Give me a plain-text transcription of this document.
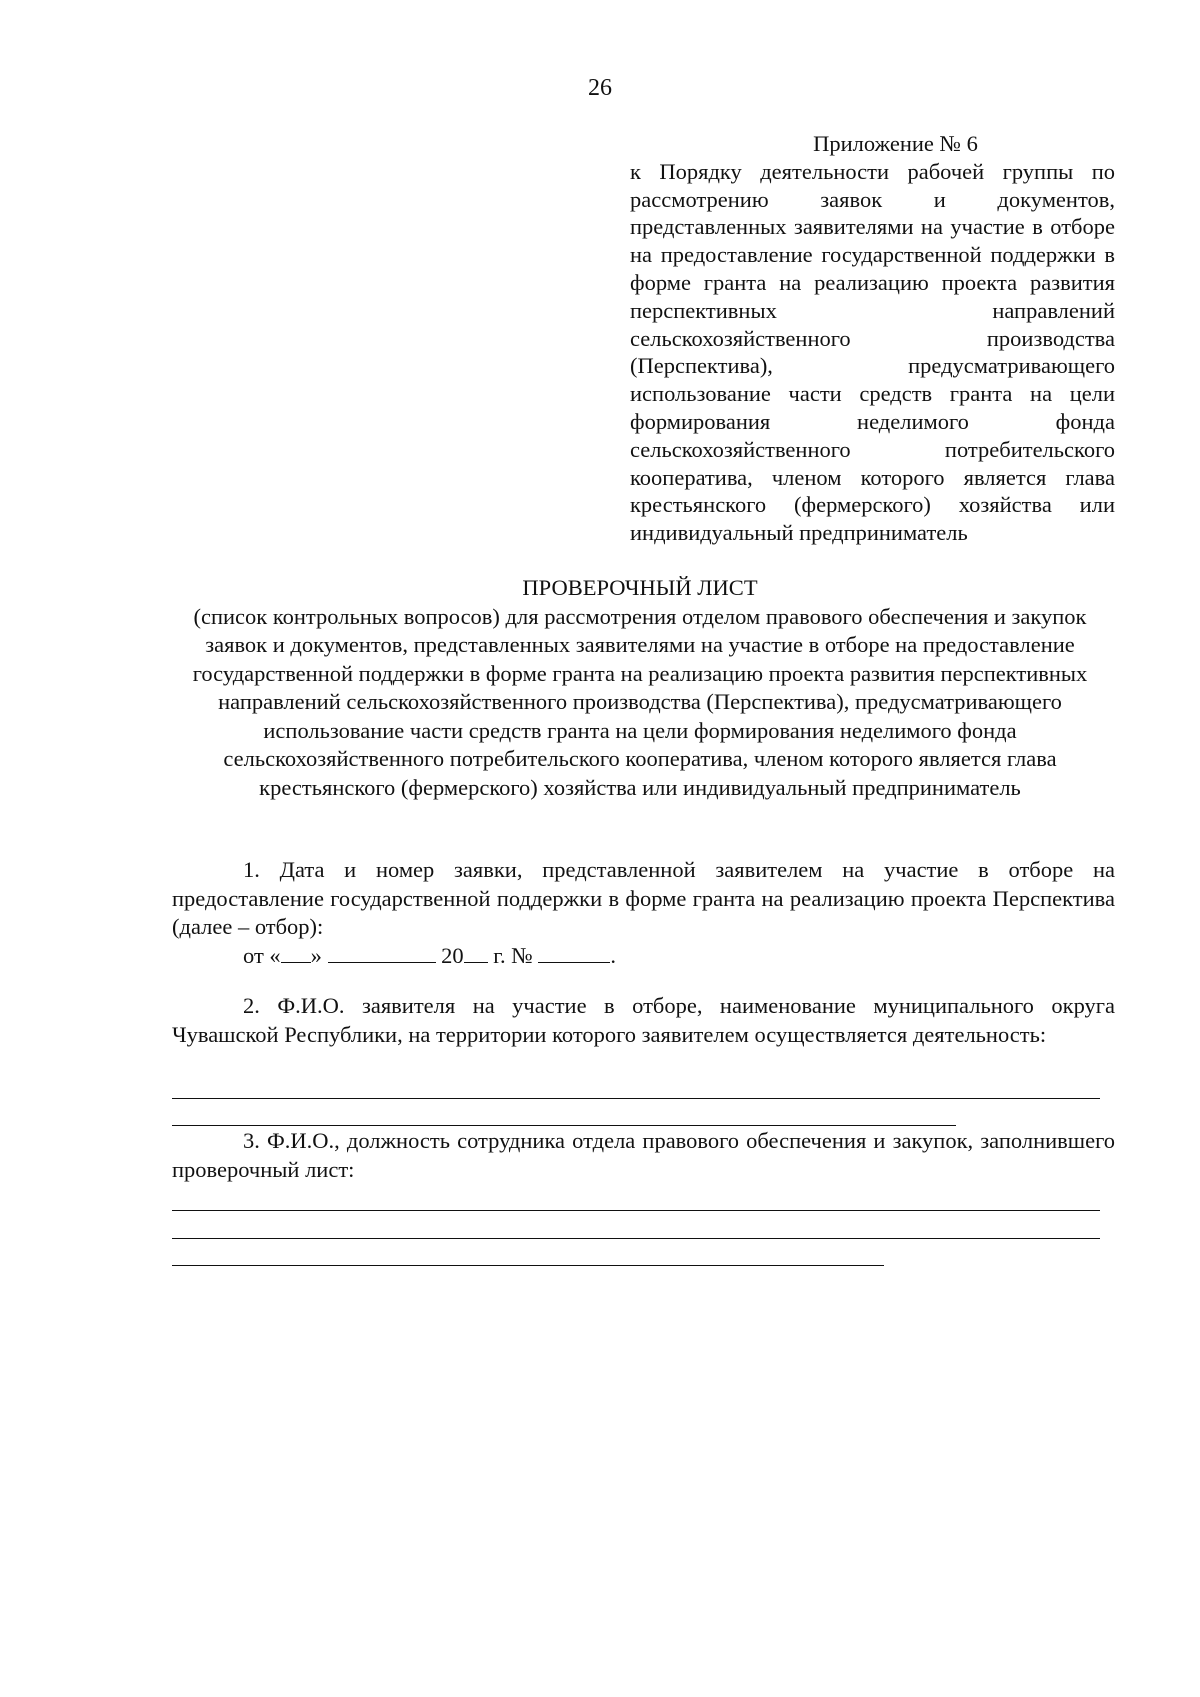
26
Приложение № 6
к Порядку деятельности рабочей группы по рассмотрению заявок и документов, представленных заявителями на участие в отборе на предоставление государственной поддержки в форме гранта на реализацию проекта развития перспективных направлений сельскохозяйственного производства (Перспектива), предусматривающего использование части средств гранта на цели формирования неделимого фонда сельскохозяйственного потребительского кооператива, членом которого является глава крестьянского (фермерского) хозяйства или индивидуальный предприниматель
ПРОВЕРОЧНЫЙ ЛИСТ
(список контрольных вопросов) для рассмотрения отделом правового обеспечения и закупок заявок и документов, представленных заявителями на участие в отборе на предоставление государственной поддержки в форме гранта на реализацию проекта развития перспективных направлений сельскохозяйственного производства (Перспектива), предусматривающего использование части средств гранта на цели формирования неделимого фонда сельскохозяйственного потребительского кооператива, членом которого является глава крестьянского (фермерского) хозяйства или индивидуальный предприниматель
1. Дата и номер заявки, представленной заявителем на участие в отборе на предоставление государственной поддержки в форме гранта на реализацию проекта Перспектива (далее – отбор):
от « »	20 г. №	.
2. Ф.И.О. заявителя на участие в отборе, наименование муниципального округа Чувашской Республики, на территории которого заявителем осуществляется деятельность:
3. Ф.И.О., должность сотрудника отдела правового обеспечения и закупок, заполнившего проверочный лист:
